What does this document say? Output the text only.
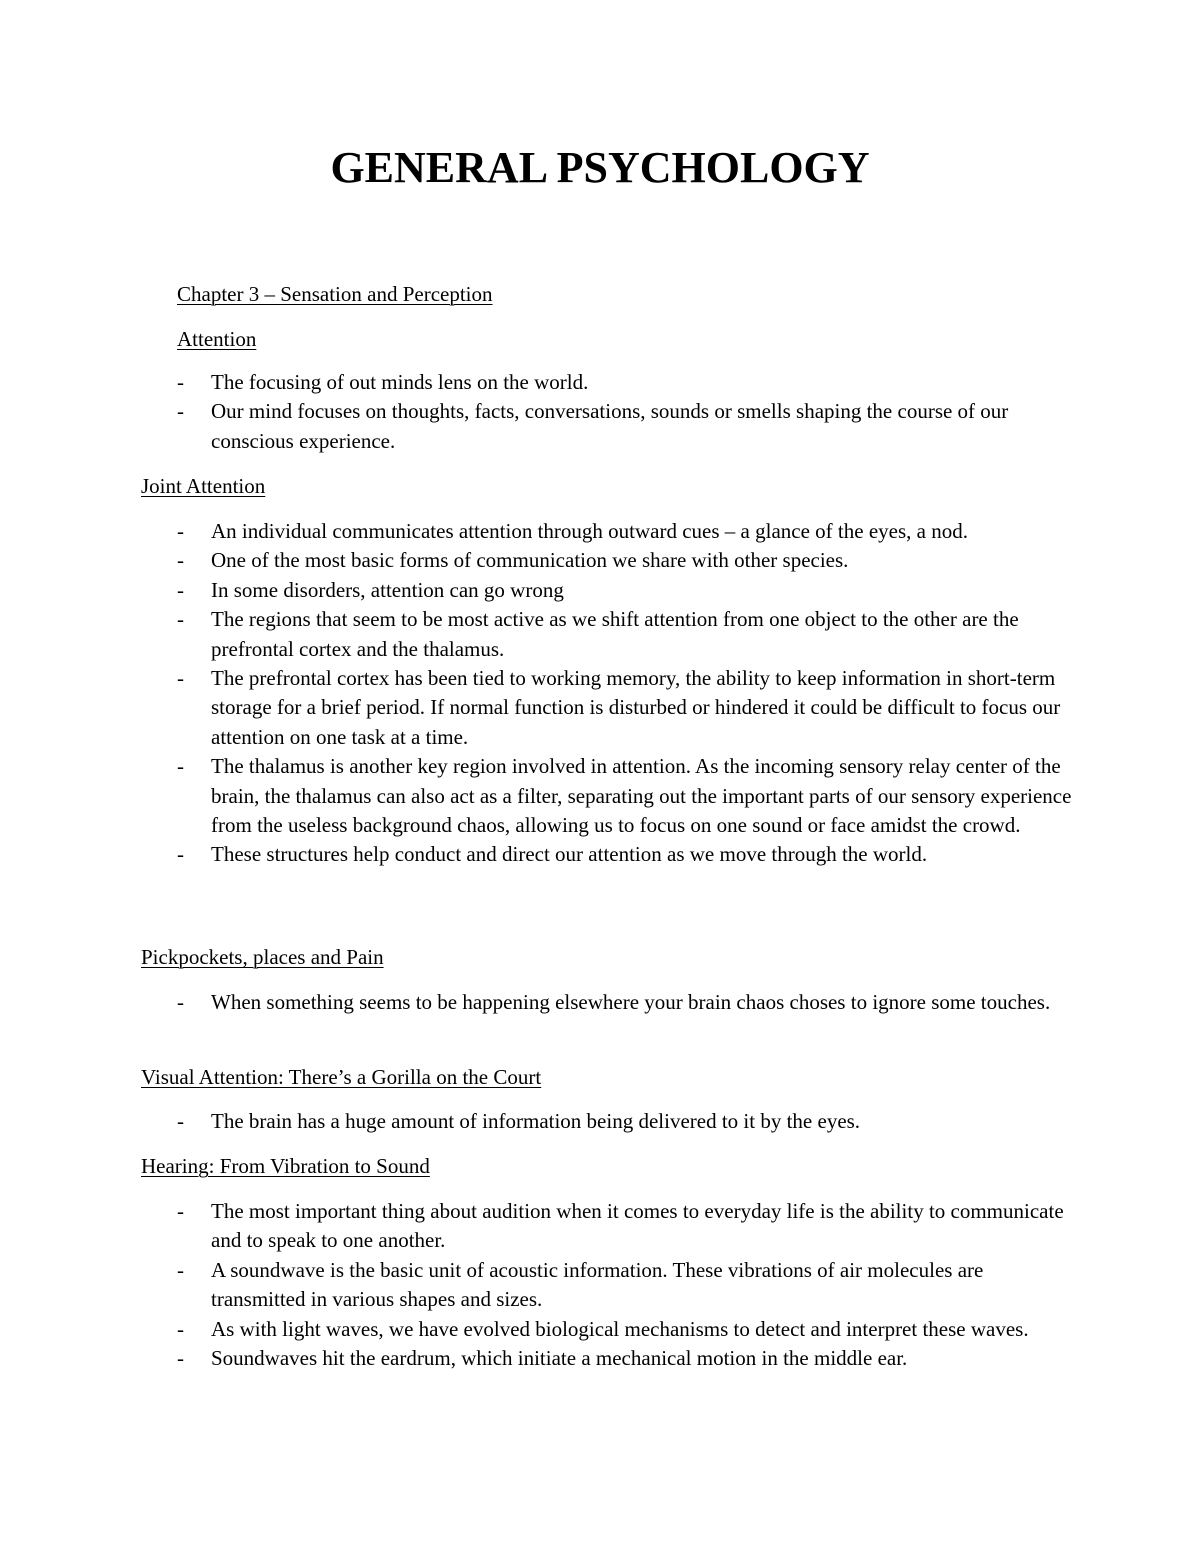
GENERAL PSYCHOLOGY
Chapter 3 – Sensation and Perception
Attention
- The focusing of out minds lens on the world.
- Our mind focuses on thoughts, facts, conversations, sounds or smells shaping the course of our conscious experience.
Joint Attention
- An individual communicates attention through outward cues – a glance of the eyes, a nod.
- One of the most basic forms of communication we share with other species.
- In some disorders, attention can go wrong
- The regions that seem to be most active as we shift attention from one object to the other are the prefrontal cortex and the thalamus.
- The prefrontal cortex has been tied to working memory, the ability to keep information in short-term storage for a brief period. If normal function is disturbed or hindered it could be difficult to focus our attention on one task at a time.
- The thalamus is another key region involved in attention. As the incoming sensory relay center of the brain, the thalamus can also act as a filter, separating out the important parts of our sensory experience from the useless background chaos, allowing us to focus on one sound or face amidst the crowd.
- These structures help conduct and direct our attention as we move through the world.
Pickpockets, places and Pain
- When something seems to be happening elsewhere your brain chaos choses to ignore some touches.
Visual Attention: There’s a Gorilla on the Court
- The brain has a huge amount of information being delivered to it by the eyes.
Hearing: From Vibration to Sound
- The most important thing about audition when it comes to everyday life is the ability to communicate and to speak to one another.
- A soundwave is the basic unit of acoustic information. These vibrations of air molecules are transmitted in various shapes and sizes.
- As with light waves, we have evolved biological mechanisms to detect and interpret these waves.
- Soundwaves hit the eardrum, which initiate a mechanical motion in the middle ear.
